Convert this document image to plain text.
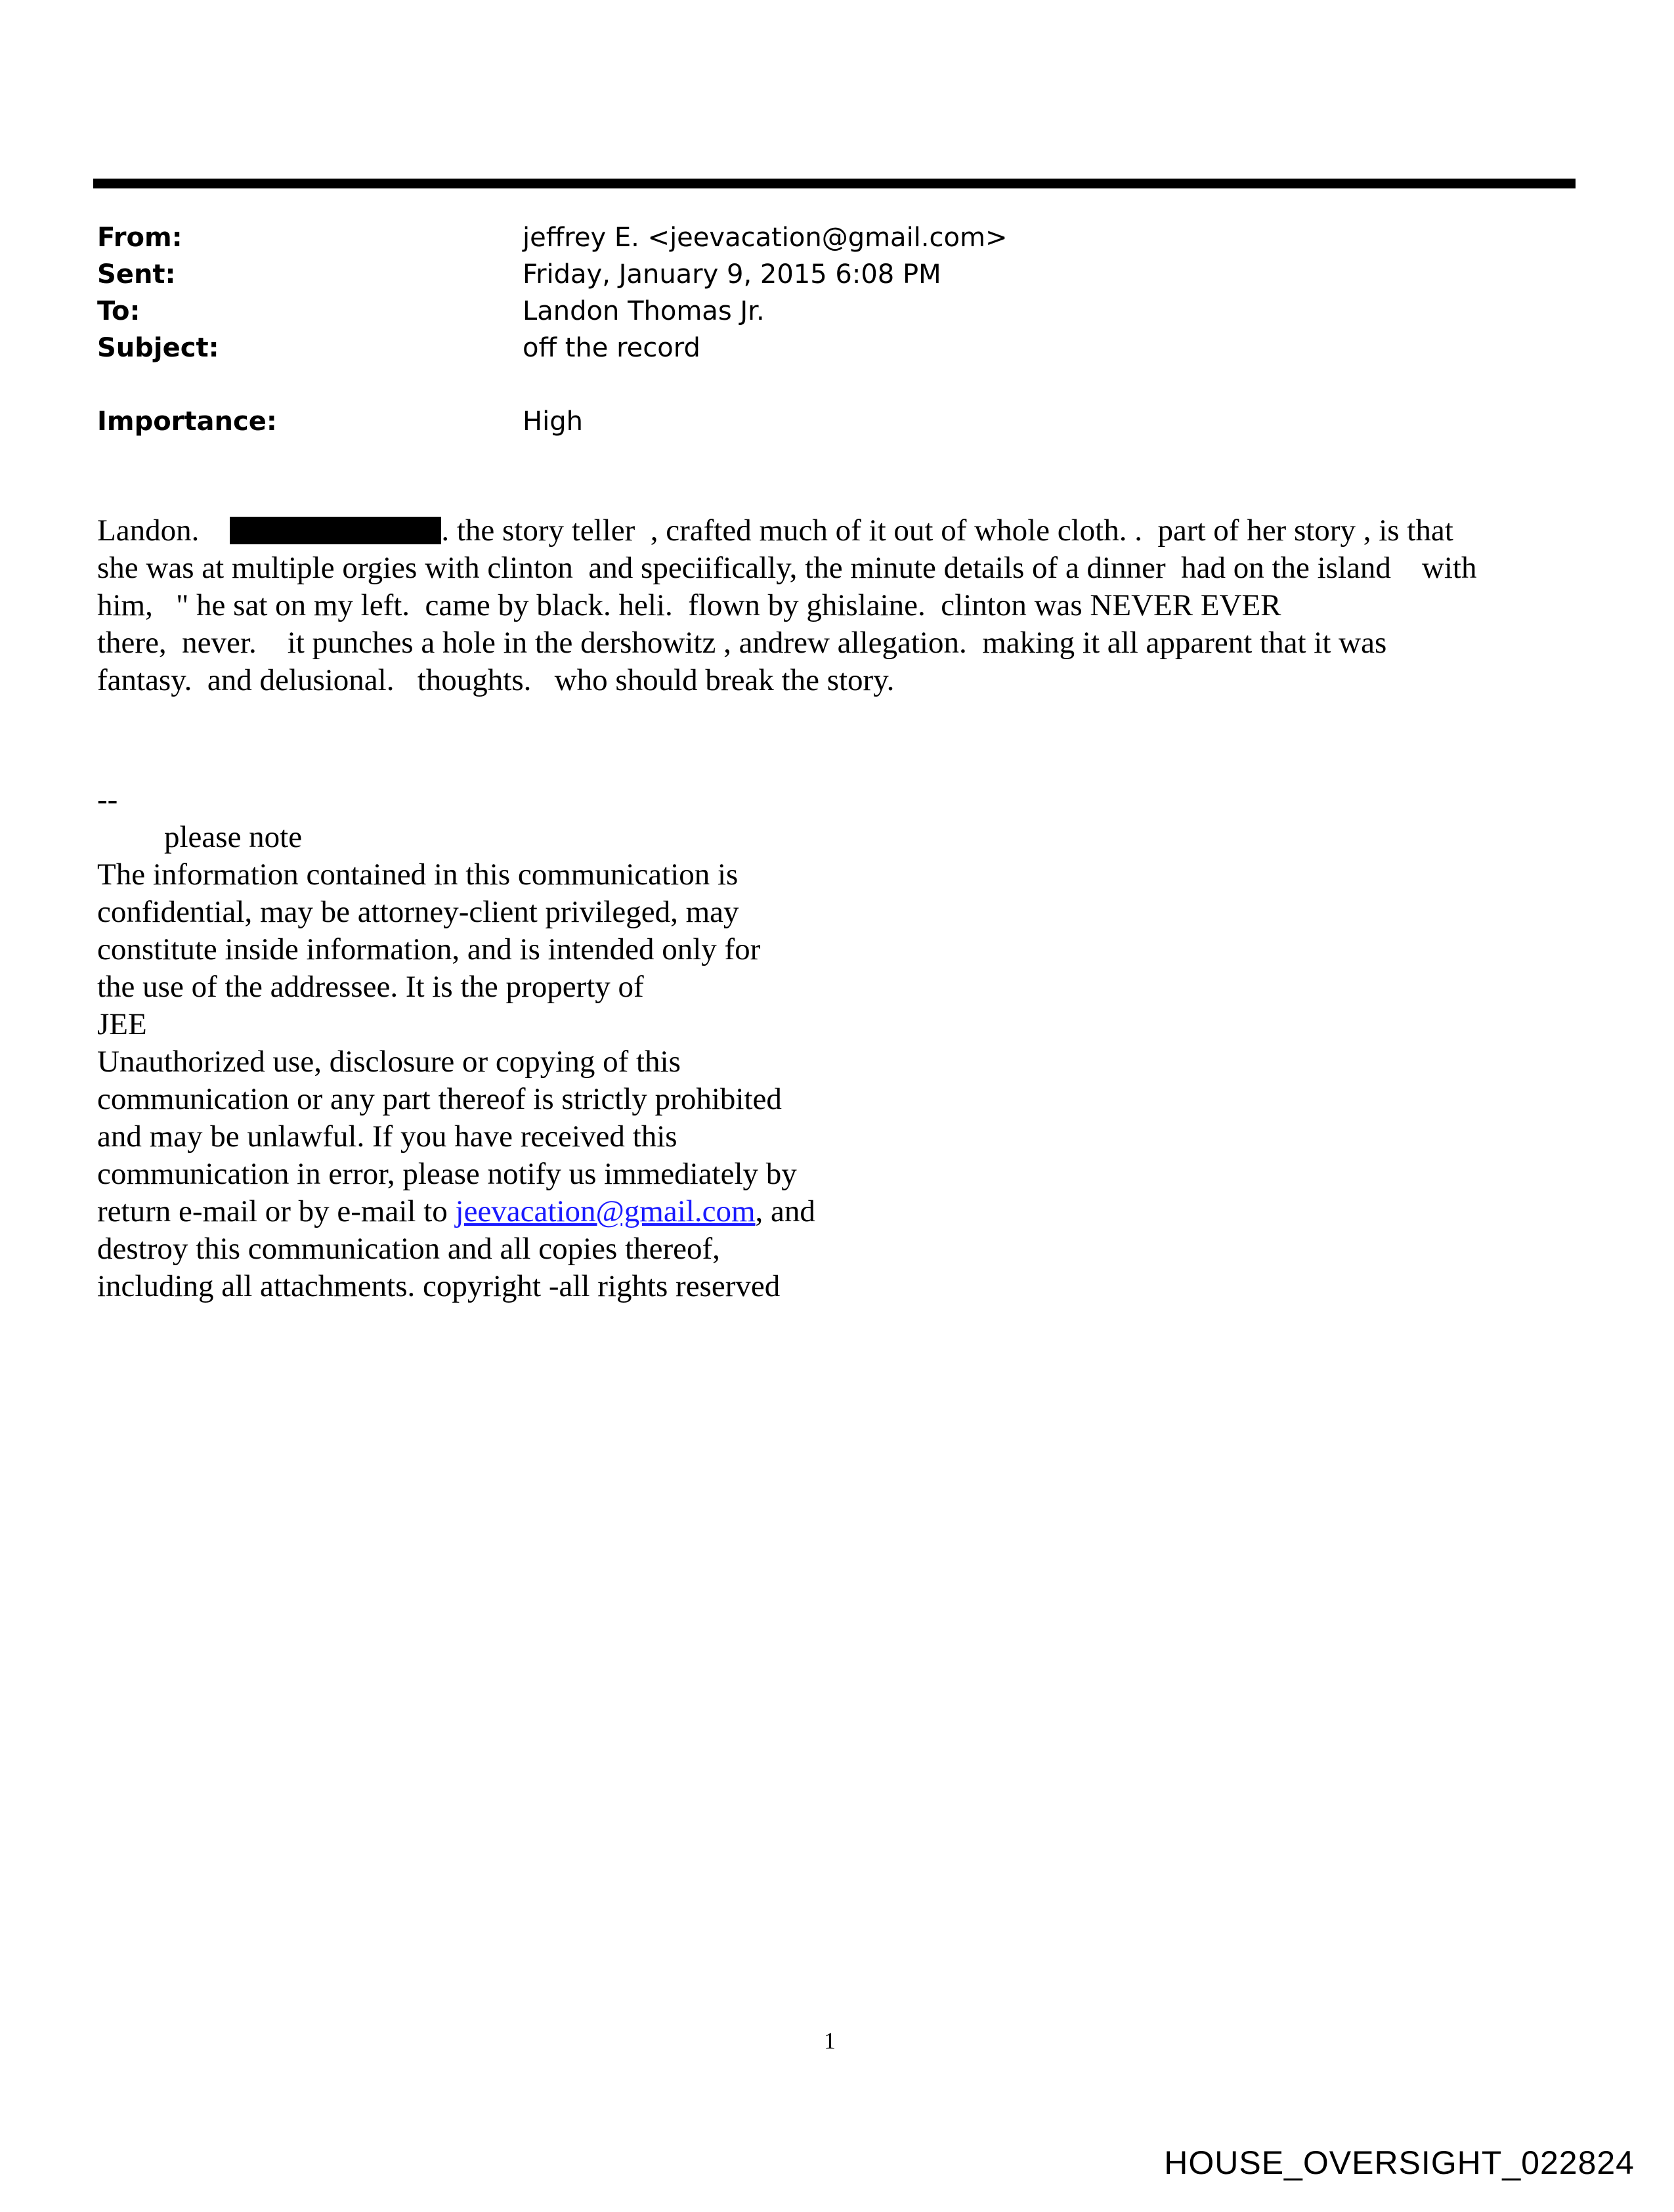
From:	jeffrey E. <jeevacation@gmail.com>
Sent:	Friday, January 9, 2015 6:08 PM
To:	Landon Thomas Jr.
Subject:	off the record
Importance:	High
Landon.	. the story teller  , crafted much of it out of whole cloth. .  part of her story , is that
she was at multiple orgies with clinton  and speciifically, the minute details of a dinner  had on the island    with
him,   " he sat on my left.  came by black. heli.  flown by ghislaine.  clinton was NEVER EVER
there,  never.    it punches a hole in the dershowitz , andrew allegation.  making it all apparent that it was
fantasy.  and delusional.   thoughts.   who should break the story.
--
please note
The information contained in this communication is
confidential, may be attorney-client privileged, may
constitute inside information, and is intended only for
the use of the addressee. It is the property of
JEE
Unauthorized use, disclosure or copying of this
communication or any part thereof is strictly prohibited
and may be unlawful. If you have received this
communication in error, please notify us immediately by
return e-mail or by e-mail to jeevacation@gmail.com, and
destroy this communication and all copies thereof,
including all attachments. copyright -all rights reserved
1
HOUSE_OVERSIGHT_022824
